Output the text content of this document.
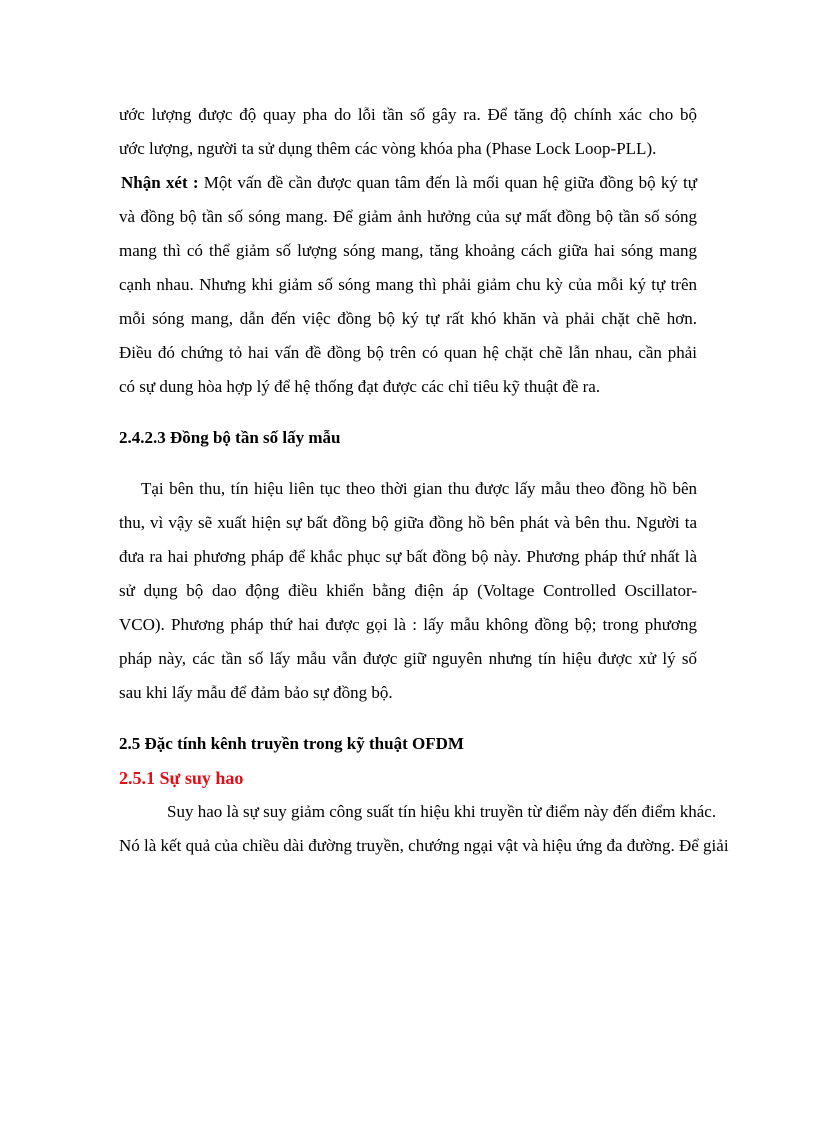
ước lượng được độ quay pha do lỗi tần số gây ra. Để tăng độ chính xác cho bộ
ước lượng, người ta sử dụng thêm các vòng khóa pha (Phase Lock Loop-PLL).
Nhận xét : Một vấn đề cần được quan tâm đến là mối quan hệ giữa đồng bộ ký tự
và đồng bộ tần số sóng mang. Để giảm ảnh hưởng của sự mất đồng bộ tần số sóng
mang thì có thể giảm số lượng sóng mang, tăng khoảng cách giữa hai sóng mang
cạnh nhau. Nhưng khi giảm số sóng mang thì phải giảm chu kỳ của mỗi ký tự trên
mỗi sóng mang, dẫn đến việc đồng bộ ký tự rất khó khăn và phải chặt chẽ hơn.
Điều đó chứng tỏ hai vấn đề đồng bộ trên có quan hệ chặt chẽ lẫn nhau, cần phải
có sự dung hòa hợp lý để hệ thống đạt được các chỉ tiêu kỹ thuật đề ra.
2.4.2.3 Đồng bộ tần số lấy mẫu
Tại bên thu, tín hiệu liên tục theo thời gian thu được lấy mẫu theo đồng hồ bên
thu, vì vậy sẽ xuất hiện sự bất đồng bộ giữa đồng hồ bên phát và bên thu. Người ta
đưa ra hai phương pháp để khắc phục sự bất đồng bộ này. Phương pháp thứ nhất là
sử dụng bộ dao động điều khiển bằng điện áp (Voltage Controlled Oscillator-
VCO). Phương pháp thứ hai được gọi là : lấy mẫu không đồng bộ; trong phương
pháp này, các tần số lấy mẫu vẫn được giữ nguyên nhưng tín hiệu được xử lý số
sau khi lấy mẫu để đảm bảo sự đồng bộ.
2.5 Đặc tính kênh truyền trong kỹ thuật OFDM
2.5.1 Sự suy hao
Suy hao là sự suy giảm công suất tín hiệu khi truyền từ điểm này đến điểm khác.
Nó là kết quả của chiều dài đường truyền, chướng ngại vật và hiệu ứng đa đường. Để giải
